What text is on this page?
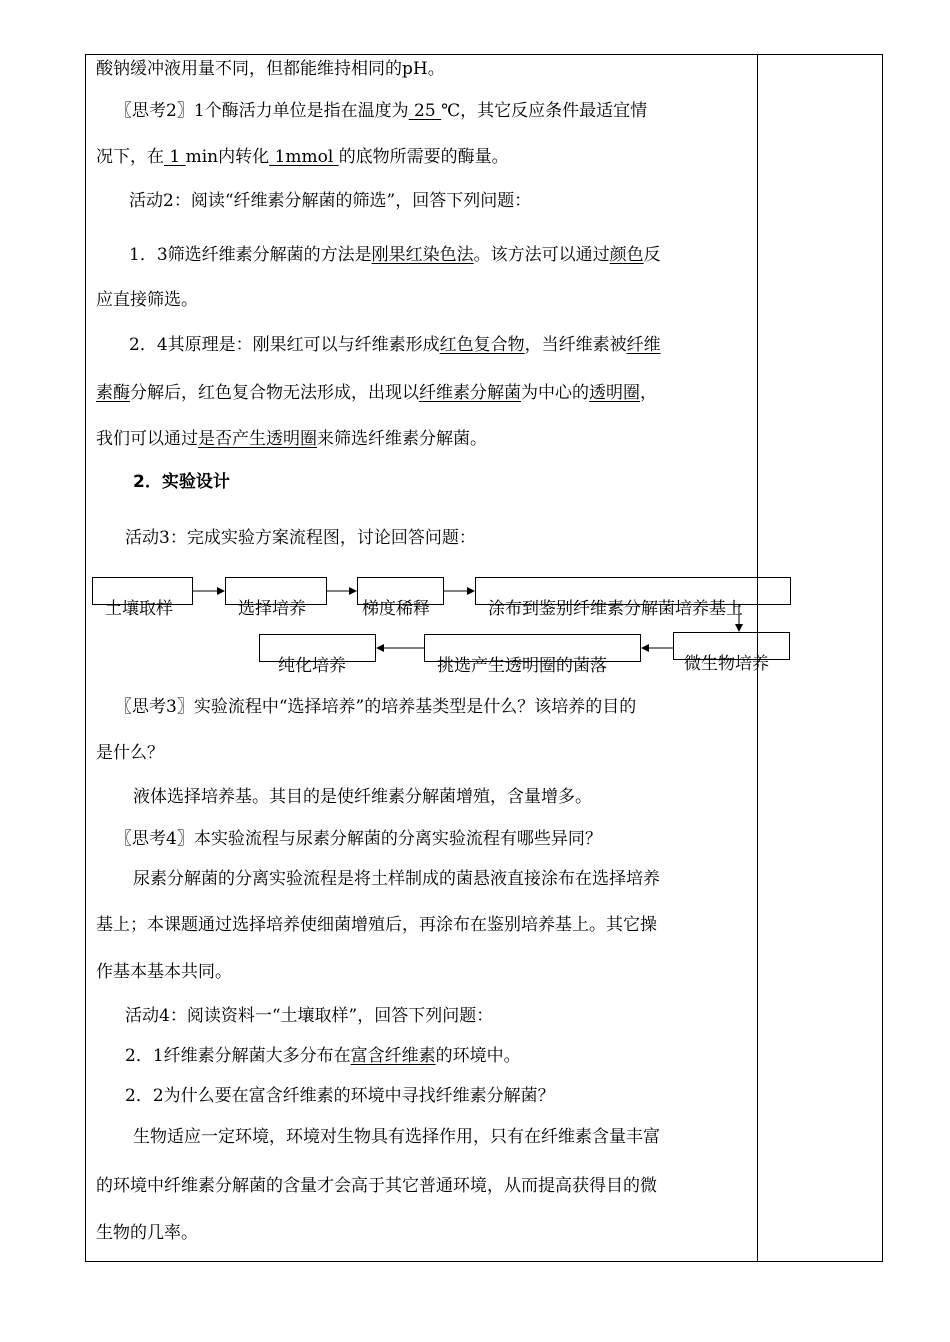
酸钠缓冲液用量不同，但都能维持相同的pH。
〖思考2〗1个酶活力单位是指在温度为 25 ℃，其它反应条件最适宜情
况下，在 1 min内转化 1mmol 的底物所需要的酶量。
活动2：阅读“纤维素分解菌的筛选”，回答下列问题：
1．3筛选纤维素分解菌的方法是刚果红染色法。该方法可以通过颜色反
应直接筛选。
2．4其原理是：刚果红可以与纤维素形成红色复合物，当纤维素被纤维
素酶分解后，红色复合物无法形成，出现以纤维素分解菌为中心的透明圈，
我们可以通过是否产生透明圈来筛选纤维素分解菌。
2．实验设计
活动3：完成实验方案流程图，讨论回答问题：
土壤取样	选择培养	梯度稀释	涂布到鉴别纤维素分解菌培养基上
微生物培养
挑选产生透明圈的菌落
纯化培养
〖思考3〗实验流程中“选择培养”的培养基类型是什么？该培养的目的
是什么？
液体选择培养基。其目的是使纤维素分解菌增殖，含量增多。
〖思考4〗本实验流程与尿素分解菌的分离实验流程有哪些异同？
尿素分解菌的分离实验流程是将土样制成的菌悬液直接涂布在选择培养
基上；本课题通过选择培养使细菌增殖后，再涂布在鉴别培养基上。其它操
作基本基本共同。
活动4：阅读资料一“土壤取样”，回答下列问题：
2．1纤维素分解菌大多分布在富含纤维素的环境中。
2．2为什么要在富含纤维素的环境中寻找纤维素分解菌？
生物适应一定环境，环境对生物具有选择作用，只有在纤维素含量丰富
的环境中纤维素分解菌的含量才会高于其它普通环境，从而提高获得目的微
生物的几率。
